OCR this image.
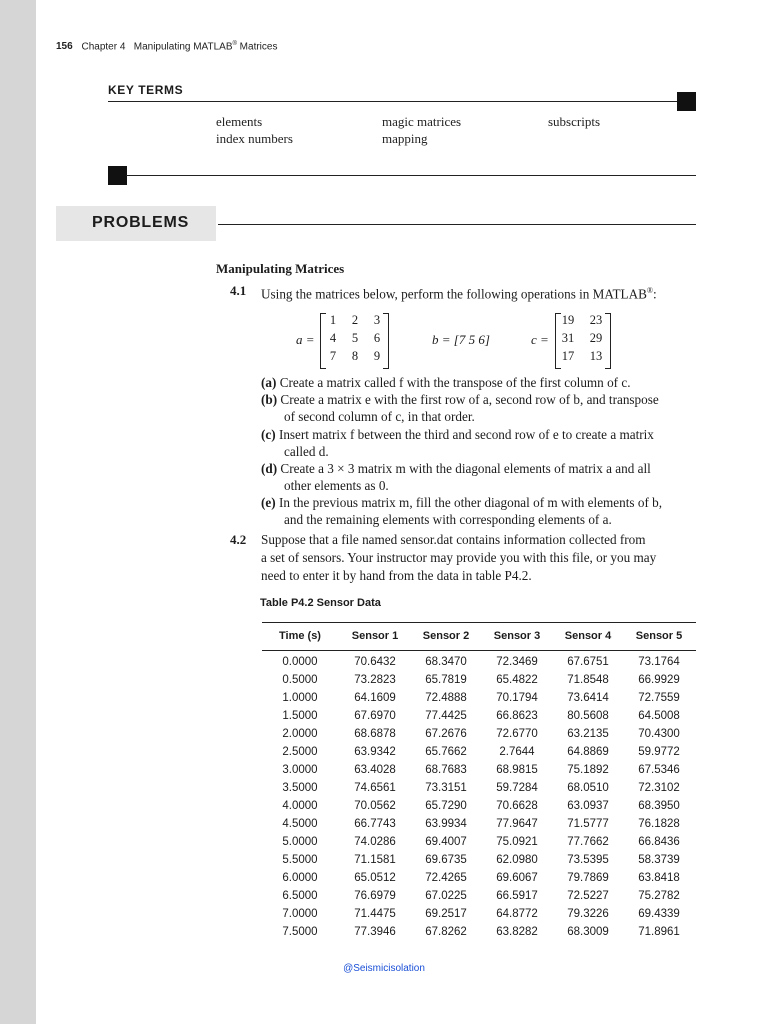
156 Chapter 4 Manipulating MATLAB® Matrices
KEY TERMS
elements
index numbers
magic matrices
mapping
subscripts
PROBLEMS
Manipulating Matrices
4.1 Using the matrices below, perform the following operations in MATLAB®:
a =
1	2	3
4	5	6
7	8	9
b = [7 5 6]	c =
19	23
31	29
17	13
(a) Create a matrix called f with the transpose of the first column of c.
(b) Create a matrix e with the first row of a, second row of b, and transpose
of second column of c, in that order.
(c) Insert matrix f between the third and second row of e to create a matrix
called d.
(d) Create a 3 × 3 matrix m with the diagonal elements of matrix a and all
other elements as 0.
(e) In the previous matrix m, fill the other diagonal of m with elements of b,
and the remaining elements with corresponding elements of a.
4.2 Suppose that a file named sensor.dat contains information collected from
a set of sensors. Your instructor may provide you with this file, or you may
need to enter it by hand from the data in table P4.2.
Table P4.2 Sensor Data
Time (s)	Sensor 1	Sensor 2	Sensor 3	Sensor 4	Sensor 5
0.0000	70.6432	68.3470	72.3469	67.6751	73.1764
0.5000	73.2823	65.7819	65.4822	71.8548	66.9929
1.0000	64.1609	72.4888	70.1794	73.6414	72.7559
1.5000	67.6970	77.4425	66.8623	80.5608	64.5008
2.0000	68.6878	67.2676	72.6770	63.2135	70.4300
2.5000	63.9342	65.7662	2.7644	64.8869	59.9772
3.0000	63.4028	68.7683	68.9815	75.1892	67.5346
3.5000	74.6561	73.3151	59.7284	68.0510	72.3102
4.0000	70.0562	65.7290	70.6628	63.0937	68.3950
4.5000	66.7743	63.9934	77.9647	71.5777	76.1828
5.0000	74.0286	69.4007	75.0921	77.7662	66.8436
5.5000	71.1581	69.6735	62.0980	73.5395	58.3739
6.0000	65.0512	72.4265	69.6067	79.7869	63.8418
6.5000	76.6979	67.0225	66.5917	72.5227	75.2782
7.0000	71.4475	69.2517	64.8772	79.3226	69.4339
7.5000	77.3946	67.8262	63.8282	68.3009	71.8961
@Seismicisolation
